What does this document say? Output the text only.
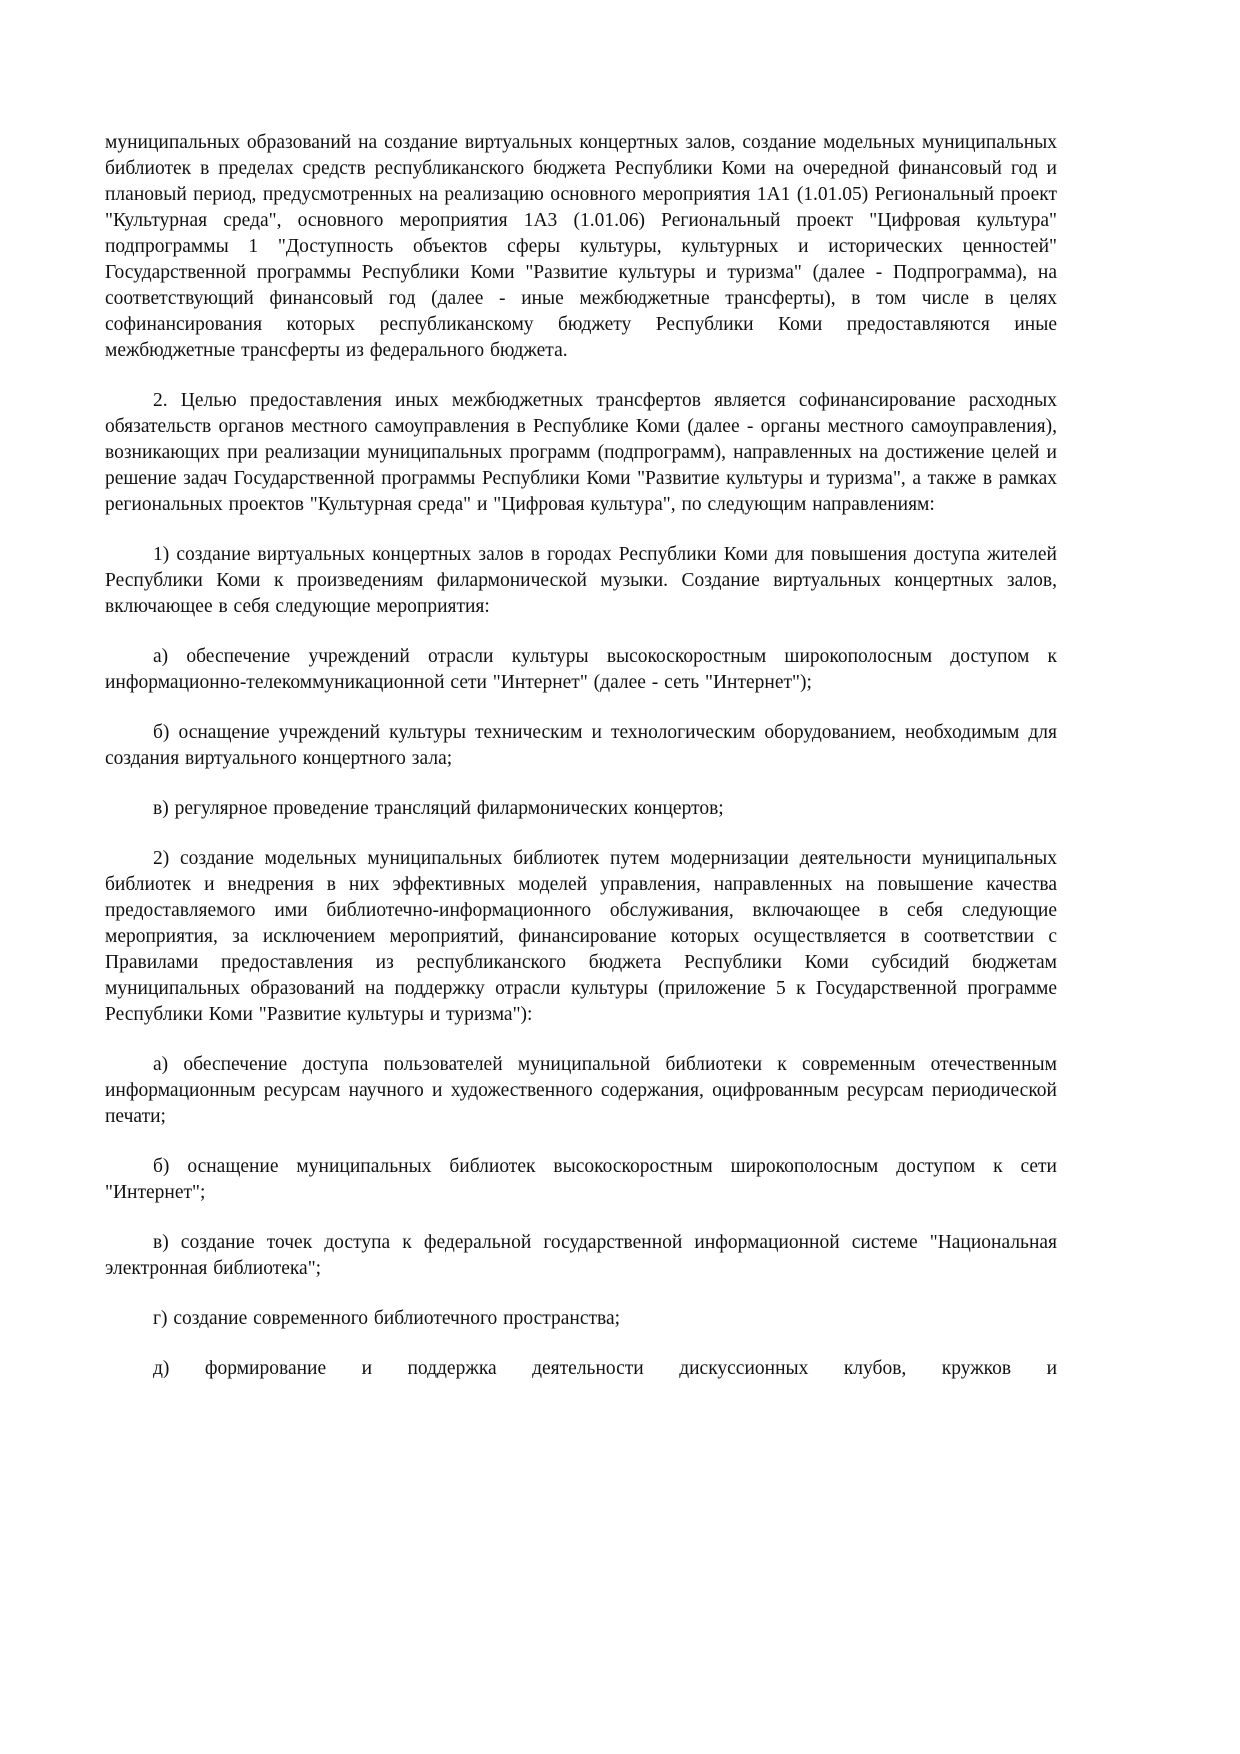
муниципальных образований на создание виртуальных концертных залов, создание модельных муниципальных библиотек в пределах средств республиканского бюджета Республики Коми на очередной финансовый год и плановый период, предусмотренных на реализацию основного мероприятия 1А1 (1.01.05) Региональный проект "Культурная среда", основного мероприятия 1А3 (1.01.06) Региональный проект "Цифровая культура" подпрограммы 1 "Доступность объектов сферы культуры, культурных и исторических ценностей" Государственной программы Республики Коми "Развитие культуры и туризма" (далее - Подпрограмма), на соответствующий финансовый год (далее - иные межбюджетные трансферты), в том числе в целях софинансирования которых республиканскому бюджету Республики Коми предоставляются иные межбюджетные трансферты из федерального бюджета.

2. Целью предоставления иных межбюджетных трансфертов является софинансирование расходных обязательств органов местного самоуправления в Республике Коми (далее - органы местного самоуправления), возникающих при реализации муниципальных программ (подпрограмм), направленных на достижение целей и решение задач Государственной программы Республики Коми "Развитие культуры и туризма", а также в рамках региональных проектов "Культурная среда" и "Цифровая культура", по следующим направлениям:

1) создание виртуальных концертных залов в городах Республики Коми для повышения доступа жителей Республики Коми к произведениям филармонической музыки. Создание виртуальных концертных залов, включающее в себя следующие мероприятия:

а) обеспечение учреждений отрасли культуры высокоскоростным широкополосным доступом к информационно-телекоммуникационной сети "Интернет" (далее - сеть "Интернет");

б) оснащение учреждений культуры техническим и технологическим оборудованием, необходимым для создания виртуального концертного зала;

в) регулярное проведение трансляций филармонических концертов;

2) создание модельных муниципальных библиотек путем модернизации деятельности муниципальных библиотек и внедрения в них эффективных моделей управления, направленных на повышение качества предоставляемого ими библиотечно-информационного обслуживания, включающее в себя следующие мероприятия, за исключением мероприятий, финансирование которых осуществляется в соответствии с Правилами предоставления из республиканского бюджета Республики Коми субсидий бюджетам муниципальных образований на поддержку отрасли культуры (приложение 5 к Государственной программе Республики Коми "Развитие культуры и туризма"):

а) обеспечение доступа пользователей муниципальной библиотеки к современным отечественным информационным ресурсам научного и художественного содержания, оцифрованным ресурсам периодической печати;

б) оснащение муниципальных библиотек высокоскоростным широкополосным доступом к сети "Интернет";

в) создание точек доступа к федеральной государственной информационной системе "Национальная электронная библиотека";

г) создание современного библиотечного пространства;

д) формирование и поддержка деятельности дискуссионных клубов, кружков и
